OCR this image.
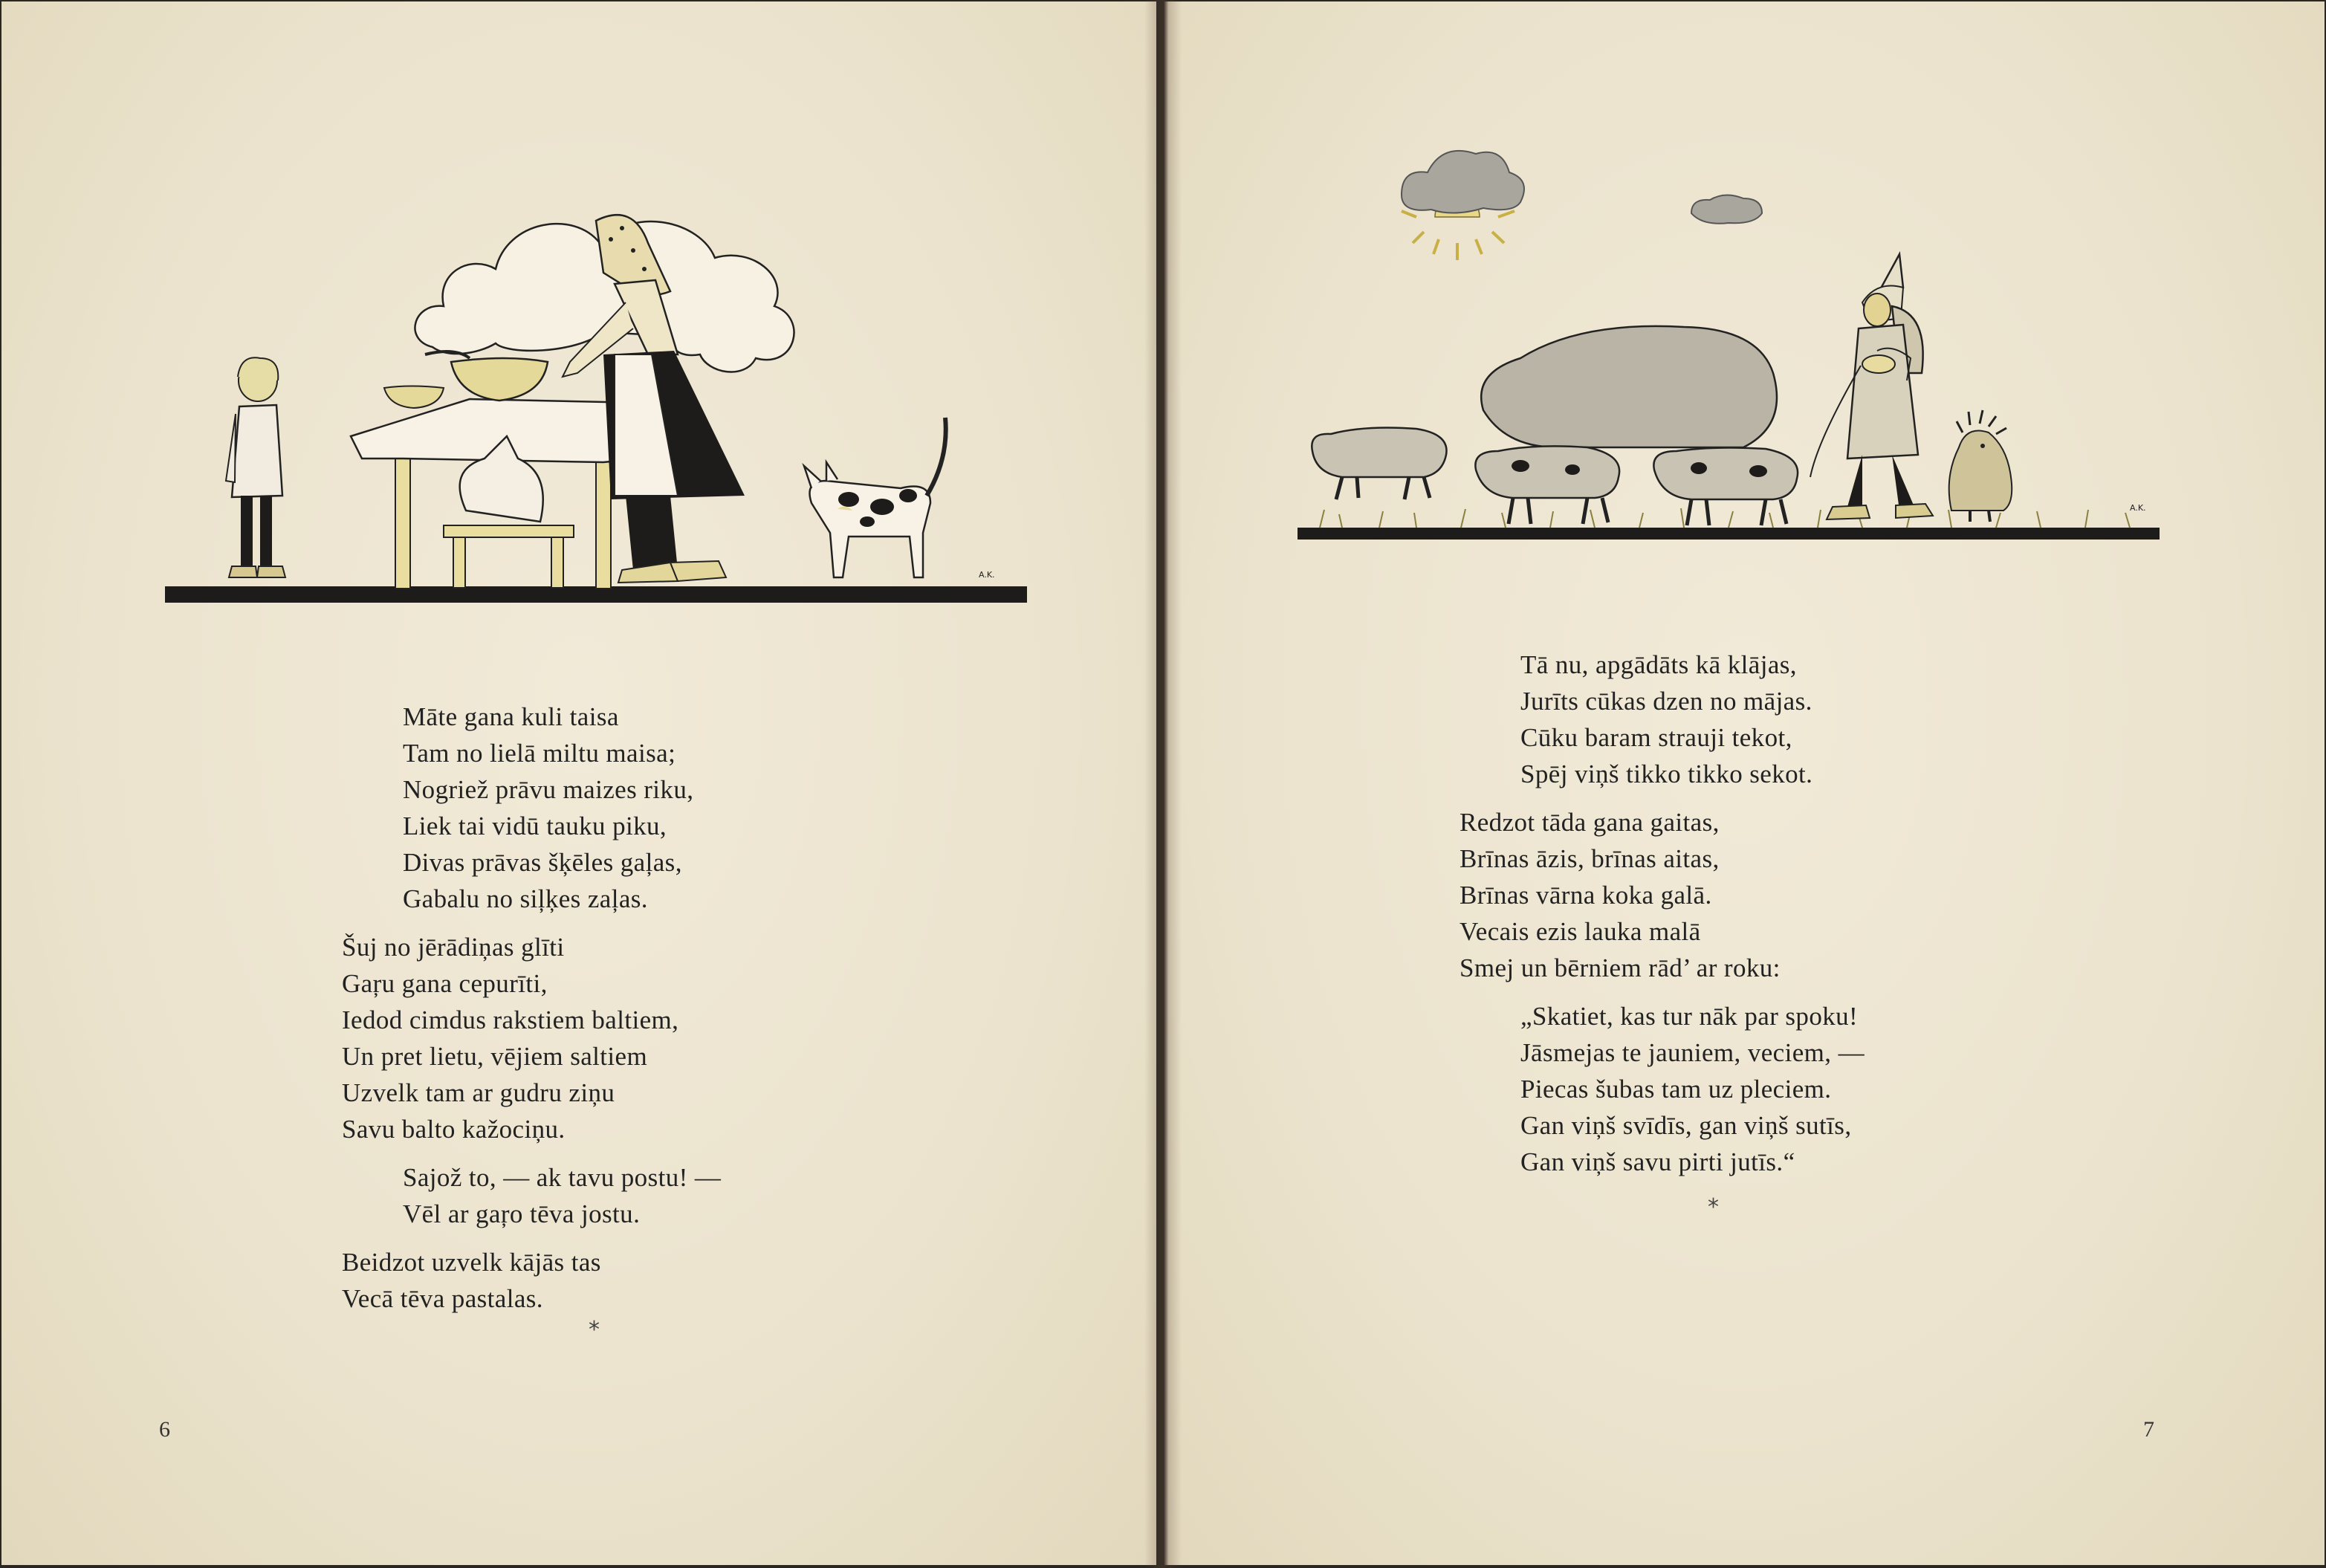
A.K.
Māte gana kuli taisa
Tam no lielā miltu maisa;
Nogriež prāvu maizes riku,
Liek tai vidū tauku piku,
Divas prāvas šķēles gaļas,
Gabalu no siļķes zaļas.
Šuj no jērādiņas glīti
Gaŗu gana cepurīti,
Iedod cimdus rakstiem baltiem,
Un pret lietu, vējiem saltiem
Uzvelk tam ar gudru ziņu
Savu balto kažociņu.
Sajož to, — ak tavu postu! —
Vēl ar gaŗo tēva jostu.
Beidzot uzvelk kājās tas
Vecā tēva pastalas.
*
6
A.K.
Tā nu, apgādāts kā klājas,
Jurīts cūkas dzen no mājas.
Cūku baram strauji tekot,
Spēj viņš tikko tikko sekot.
Redzot tāda gana gaitas,
Brīnas āzis, brīnas aitas,
Brīnas vārna koka galā.
Vecais ezis lauka malā
Smej un bērniem rād’ ar roku:
„Skatiet, kas tur nāk par spoku!
Jāsmejas te jauniem, veciem, —
Piecas šubas tam uz pleciem.
Gan viņš svīdīs, gan viņš sutīs,
Gan viņš savu pirti jutīs.“
*
7
